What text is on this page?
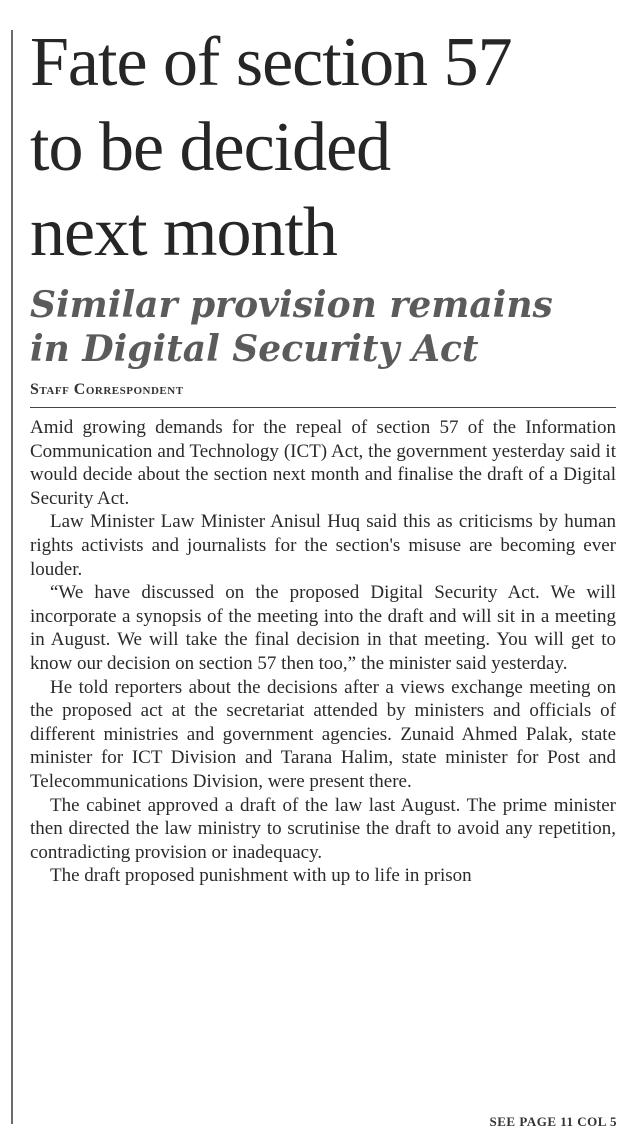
Fate of section 57
to be decided
next month
Similar provision remains
in Digital Security Act
Staff Correspondent

Amid growing demands for the repeal of section 57 of the Information Communication and Technology (ICT) Act, the government yesterday said it would decide about the section next month and finalise the draft of a Digital Security Act.

Law Minister Law Minister Anisul Huq said this as criticisms by human rights activists and journalists for the section's misuse are becoming ever louder.

“We have discussed on the proposed Digital Security Act. We will incorporate a synopsis of the meeting into the draft and will sit in a meeting in August. We will take the final decision in that meeting. You will get to know our decision on section 57 then too,” the minister said yesterday.

He told reporters about the decisions after a views exchange meeting on the proposed act at the secretariat attended by ministers and officials of different ministries and government agencies. Zunaid Ahmed Palak, state minister for ICT Division and Tarana Halim, state minister for Post and Telecommunications Division, were present there.

The cabinet approved a draft of the law last August. The prime minister then directed the law ministry to scrutinise the draft to avoid any repetition, contradicting provision or inadequacy.

The draft proposed punishment with up to life in prison

SEE PAGE 11 COL 5
